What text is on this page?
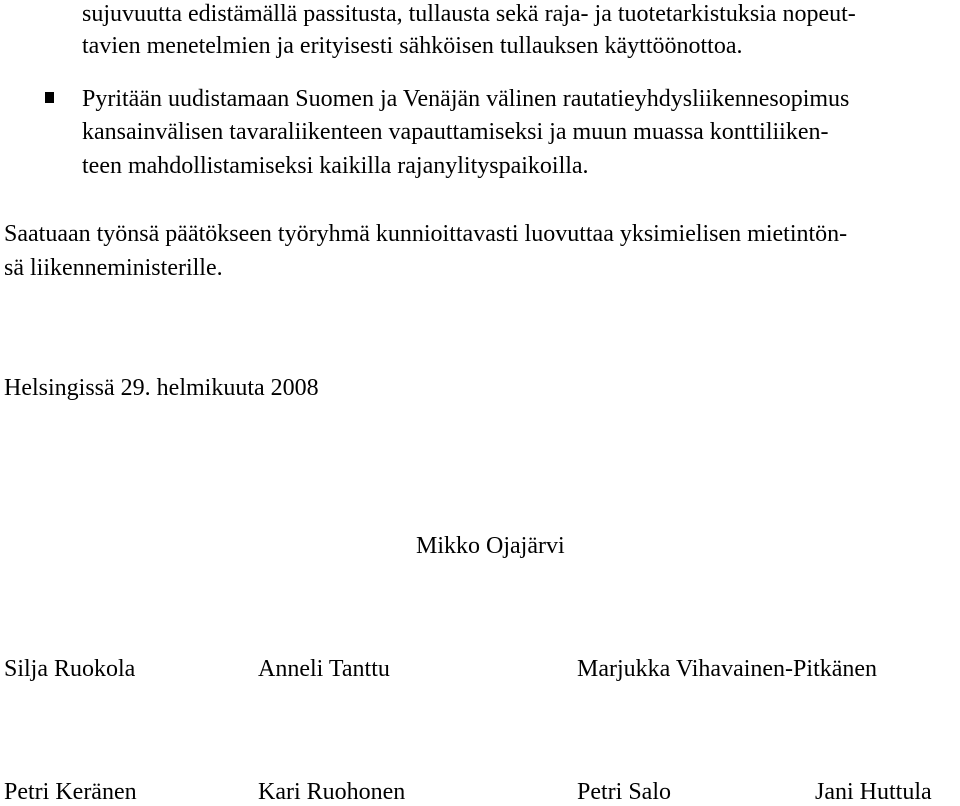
sujuvuutta edistämällä passitusta, tullausta sekä raja- ja tuotetarkistuksia nopeut-
tavien menetelmien ja erityisesti sähköisen tullauksen käyttöönottoa.
Pyritään uudistamaan Suomen ja Venäjän välinen rautatieyhdysliikennesopimus
kansainvälisen tavaraliikenteen vapauttamiseksi ja muun muassa konttiliiken-
teen mahdollistamiseksi kaikilla rajanylityspaikoilla.
Saatuaan työnsä päätökseen työryhmä kunnioittavasti luovuttaa yksimielisen mietintön-
sä liikenneministerille.
Helsingissä 29. helmikuuta 2008
Mikko Ojajärvi
Silja Ruokola	Anneli Tanttu	Marjukka Vihavainen-Pitkänen
Petri Keränen	Kari Ruohonen	Petri Salo	Jani Huttula
